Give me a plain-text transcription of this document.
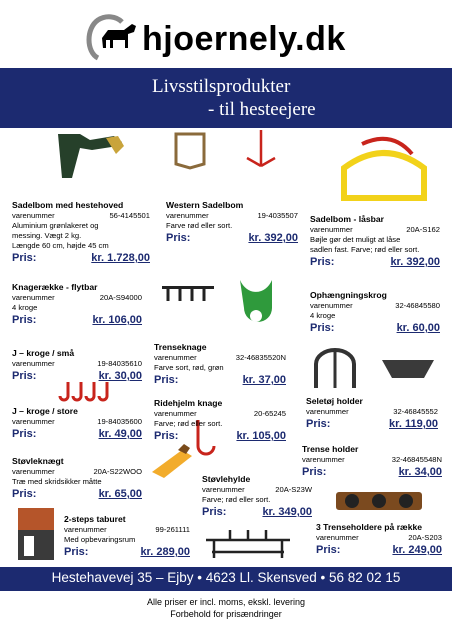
hjoernely.dk
Livsstilsprodukter
- til hesteejere
Sadelbom med hestehoved
varenummer	56-4145501
Aluminium grønlakeret og
messing. Vægt 2 kg.
Længde 60 cm, højde 45 cm
Pris:	kr. 1.728,00
Knagerække - flytbar
varenummer	20A-S94000
4 kroge
Pris:	kr. 106,00
J – kroge / små
varenummer	19-84035610
Pris:	kr. 30,00
J – kroge / store
varenummer	19-84035600
Pris:	kr. 49,00
Støvleknægt
varenummer	20A-S22WOO
Træ med skridsikker måtte
Pris:	kr. 65,00
2-steps taburet
varenummer	99-261111
Med opbevaringsrum
Pris:	kr. 289,00
Western Sadelbom
varenummer	19-4035507
Farve rød eller sort.
Pris:	kr. 392,00
Trenseknage
varenummer	32-46835520N
Farve sort, rød, grøn
Pris:	kr. 37,00
Ridehjelm knage
varenummer	20-65245
Farve; rød eller sort.
Pris:	kr. 105,00
Støvlehylde
varenummer	20A-S23W
Farve; rød eller sort.
Pris:	kr. 349,00
Sadelbom - låsbar
varenummer	20A-S162
Bøjle gør det muligt at låse
sadlen fast. Farve; rød eller sort.
Pris:	kr. 392,00
Ophængningskrog
varenummer	32-46845580
4 kroge
Pris:	kr. 60,00
Seletøj holder
varenummer	32-46845552
Pris:	kr. 119,00
Trense holder
varenummer	32-46845548N
Pris:	kr. 34,00
3 Trenseholdere på række
varenummer	20A-S203
Pris:	kr. 249,00
Hestehavevej 35 – Ejby • 4623 Ll. Skensved • 56 82 02 15
Alle priser er incl. moms, ekskl. levering
Forbehold for prisændringer
